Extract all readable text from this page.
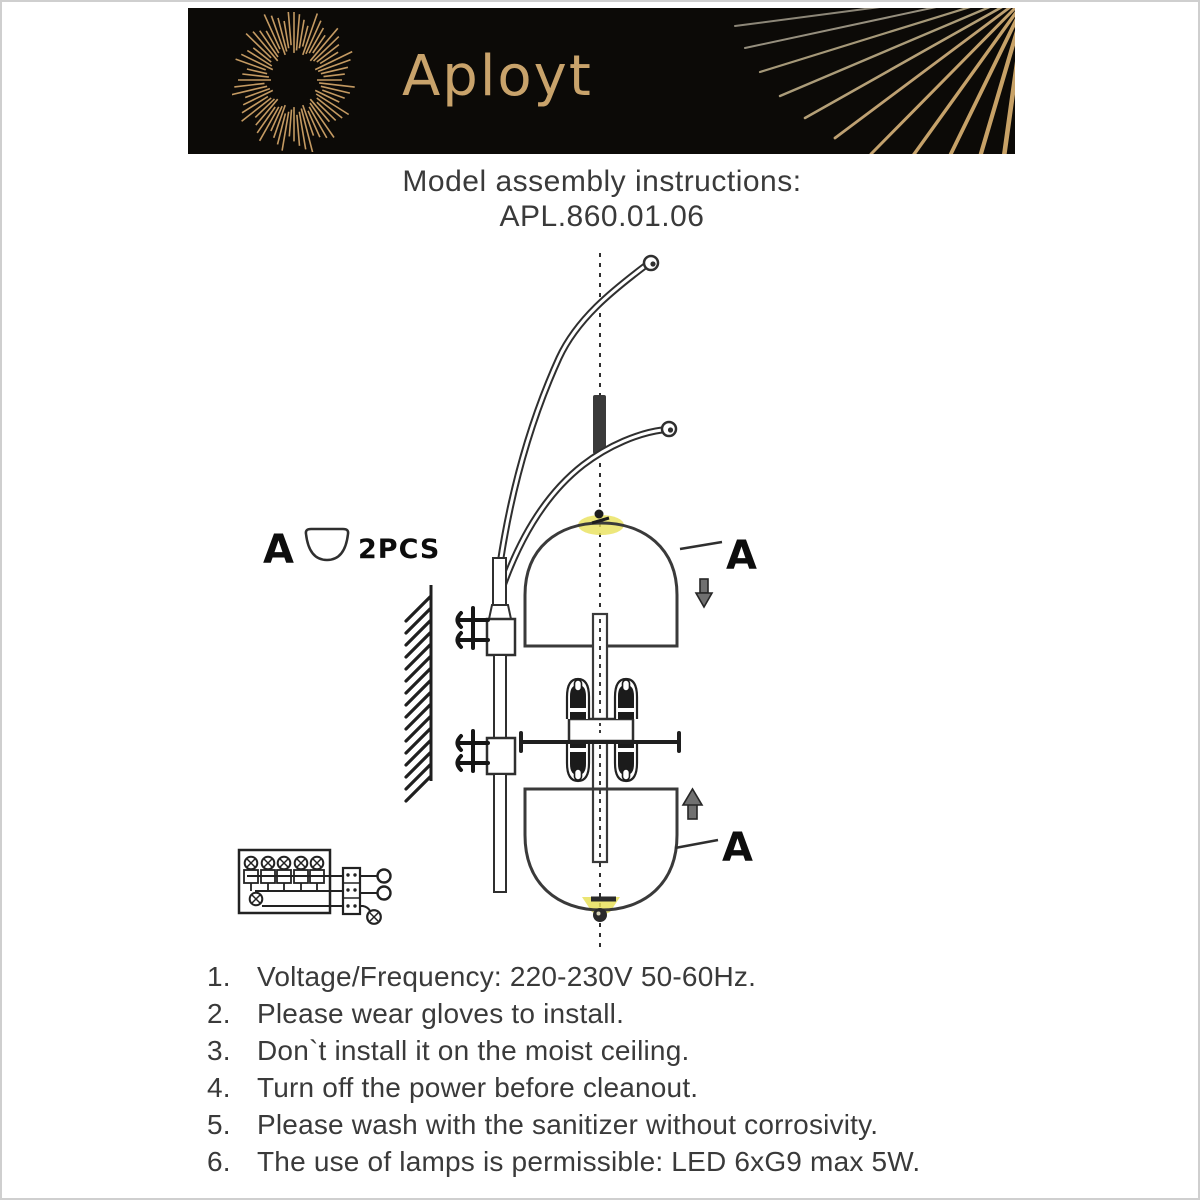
Aployt
Model assembly instructions:
APL.860.01.06
A
A
A 2PCS
1. Voltage/Frequency: 220-230V 50-60Hz.
2. Please wear gloves to install.
3. Don`t install it on the moist ceiling.
4. Turn off the power before cleanout.
5. Please wash with the sanitizer without corrosivity.
6. The use of lamps is permissible: LED 6xG9 max 5W.
